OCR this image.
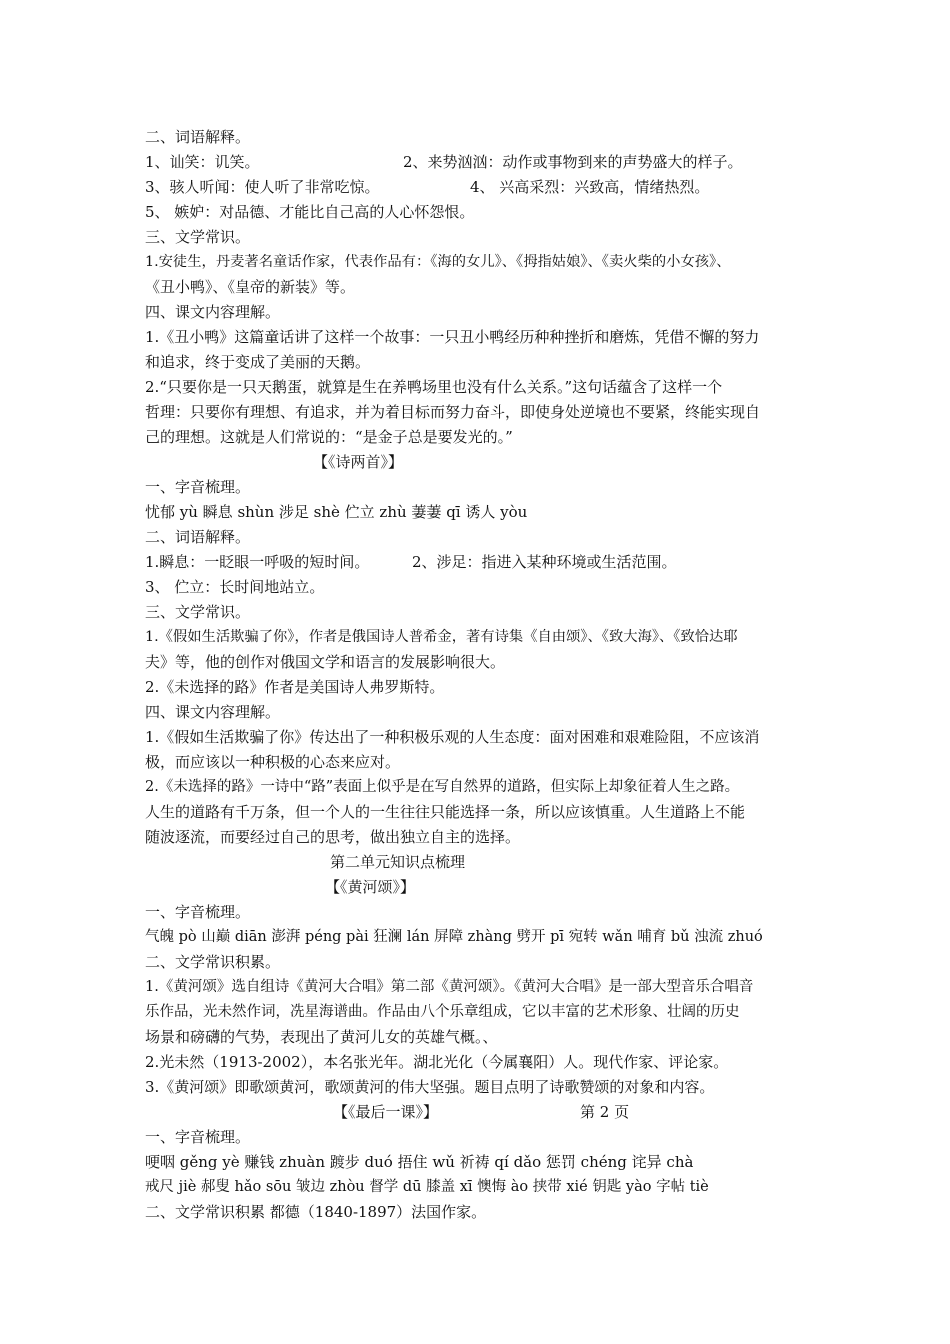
二、词语解释。
1、讪笑：讥笑。	2、来势汹汹：动作或事物到来的声势盛大的样子。
3、骇人听闻：使人听了非常吃惊。	4、 兴高采烈：兴致高，情绪热烈。
5、 嫉妒：对品德、才能比自己高的人心怀怨恨。
三、文学常识。
1.安徒生，丹麦著名童话作家，代表作品有：《海的女儿》、《拇指姑娘》、《卖火柴的小女孩》、
《丑小鸭》、《皇帝的新装》等。
四、课文内容理解。
1.《丑小鸭》这篇童话讲了这样一个故事：一只丑小鸭经历种种挫折和磨炼，凭借不懈的努力
和追求，终于变成了美丽的天鹅。
2.“只要你是一只天鹅蛋，就算是生在养鸭场里也没有什么关系。”这句话蕴含了这样一个
哲理：只要你有理想、有追求，并为着目标而努力奋斗，即使身处逆境也不要紧，终能实现自
己的理想。这就是人们常说的：“是金子总是要发光的。”
【《诗两首》】
一、字音梳理。
忧郁 yù 瞬息 shùn 涉足 shè 伫立 zhù 萋萋 qī 诱人 yòu
二、词语解释。
1.瞬息：一眨眼一呼吸的短时间。	2、涉足：指进入某种环境或生活范围。
3、 伫立：长时间地站立。
三、文学常识。
1.《假如生活欺骗了你》，作者是俄国诗人普希金，著有诗集《自由颂》、《致大海》、《致恰达耶
夫》等，他的创作对俄国文学和语言的发展影响很大。
2.《未选择的路》作者是美国诗人弗罗斯特。
四、课文内容理解。
1.《假如生活欺骗了你》传达出了一种积极乐观的人生态度：面对困难和艰难险阻，不应该消
极，而应该以一种积极的心态来应对。
2.《未选择的路》一诗中“路”表面上似乎是在写自然界的道路，但实际上却象征着人生之路。
人生的道路有千万条，但一个人的一生往往只能选择一条，所以应该慎重。人生道路上不能
随波逐流，而要经过自己的思考，做出独立自主的选择。
第二单元知识点梳理
【《黄河颂》】
一、字音梳理。
气魄 pò 山巅 diān 澎湃 péng pài 狂澜 lán 屏障 zhàng 劈开 pī 宛转 wǎn 哺育 bǔ 浊流 zhuó
二、文学常识积累。
1.《黄河颂》选自组诗《黄河大合唱》第二部《黄河颂》。《黄河大合唱》是一部大型音乐合唱音
乐作品，光未然作词，冼星海谱曲。作品由八个乐章组成，它以丰富的艺术形象、壮阔的历史
场景和磅礴的气势，表现出了黄河儿女的英雄气概。、
2.光未然（1913-2002），本名张光年。湖北光化（今属襄阳）人。现代作家、评论家。
3.《黄河颂》即歌颂黄河，歌颂黄河的伟大坚强。题目点明了诗歌赞颂的对象和内容。
【《最后一课》】	第 2 页
一、字音梳理。
哽咽 gěng yè 赚钱 zhuàn 踱步 duó 捂住 wǔ 祈祷 qí dǎo 惩罚 chéng 诧异 chà
戒尺 jiè 郝叟 hǎo sōu 皱边 zhòu 督学 dū 膝盖 xī 懊悔 ào 挟带 xié 钥匙 yào 字帖 tiè
二、文学常识积累 都德（1840-1897）法国作家。
